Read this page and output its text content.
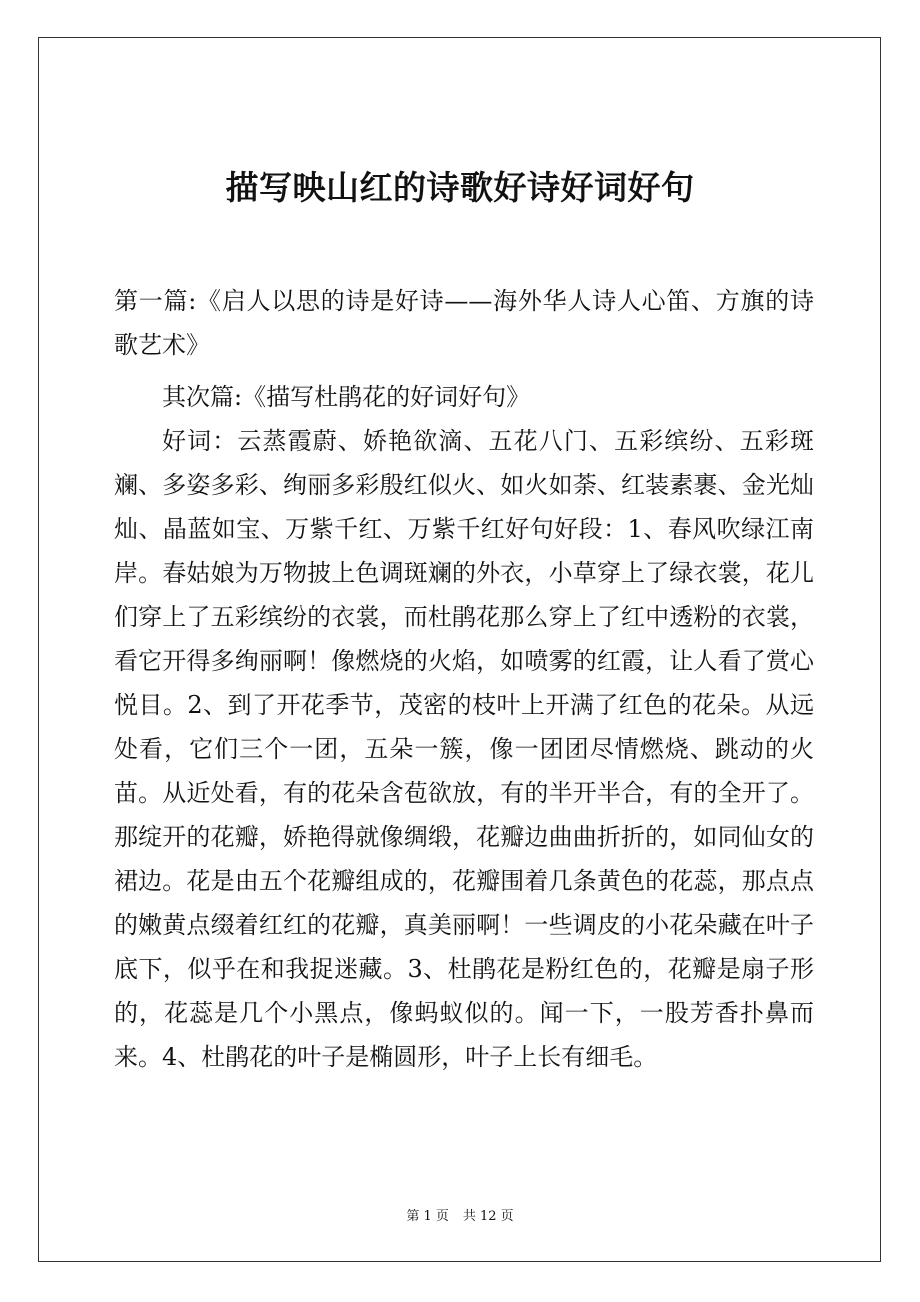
描写映山红的诗歌好诗好词好句

第一篇:《启人以思的诗是好诗——海外华人诗人心笛、方旗的诗歌艺术》

其次篇:《描写杜鹃花的好词好句》

好词：云蒸霞蔚、娇艳欲滴、五花八门、五彩缤纷、五彩斑斓、多姿多彩、绚丽多彩殷红似火、如火如荼、红装素裹、金光灿灿、晶蓝如宝、万紫千红、万紫千红好句好段：1、春风吹绿江南岸。春姑娘为万物披上色调斑斓的外衣，小草穿上了绿衣裳，花儿们穿上了五彩缤纷的衣裳，而杜鹃花那么穿上了红中透粉的衣裳，看它开得多绚丽啊！像燃烧的火焰，如喷雾的红霞，让人看了赏心悦目。2、到了开花季节，茂密的枝叶上开满了红色的花朵。从远处看，它们三个一团，五朵一簇，像一团团尽情燃烧、跳动的火苗。从近处看，有的花朵含苞欲放，有的半开半合，有的全开了。那绽开的花瓣，娇艳得就像绸缎，花瓣边曲曲折折的，如同仙女的裙边。花是由五个花瓣组成的，花瓣围着几条黄色的花蕊，那点点的嫩黄点缀着红红的花瓣，真美丽啊！一些调皮的小花朵藏在叶子底下，似乎在和我捉迷藏。3、杜鹃花是粉红色的，花瓣是扇子形的，花蕊是几个小黑点，像蚂蚁似的。闻一下，一股芳香扑鼻而来。4、杜鹃花的叶子是椭圆形，叶子上长有细毛。

第 1 页 共 12 页
